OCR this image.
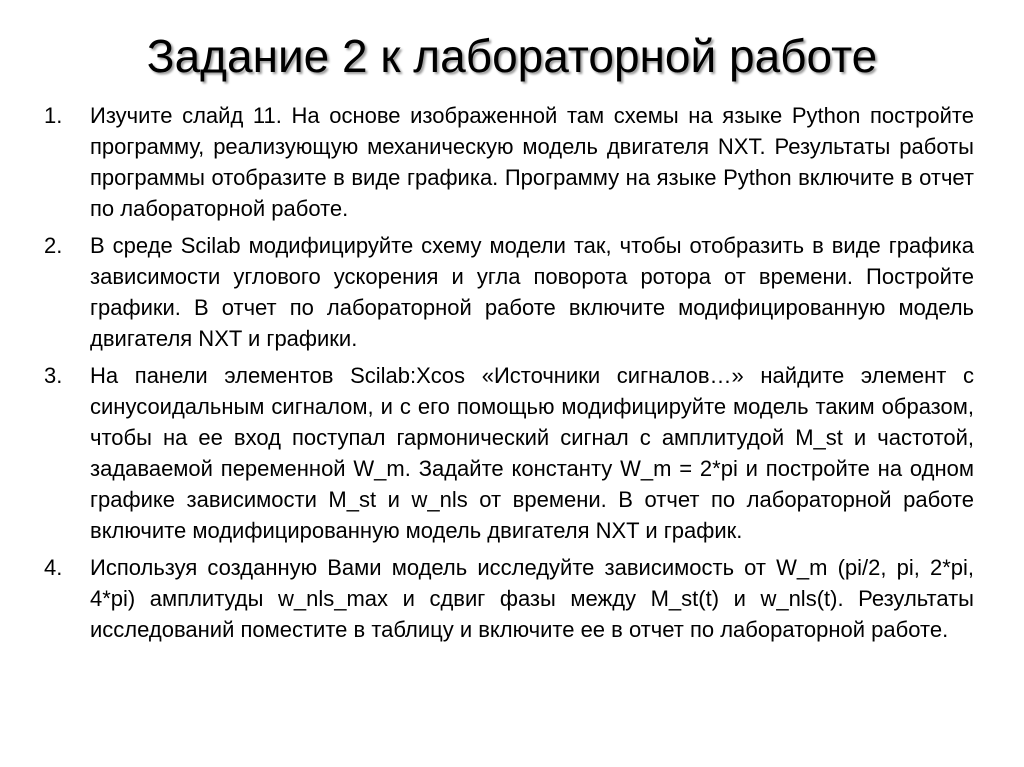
Задание 2 к лабораторной работе
1.	Изучите слайд 11. На основе изображенной там схемы на языке Python постройте программу, реализующую механическую модель двигателя NXT. Результаты работы программы отобразите в виде графика. Программу на языке Python включите в отчет по лабораторной работе.

2.	В среде Scilab модифицируйте схему модели так, чтобы отобразить в виде графика зависимости углового ускорения и угла поворота ротора от времени. Постройте графики. В отчет по лабораторной работе включите модифицированную модель двигателя NXT и графики.

3.	На панели элементов Scilab:Xcos «Источники сигналов…» найдите элемент с синусоидальным сигналом, и с его помощью модифицируйте модель таким образом, чтобы на ее вход поступал гармонический сигнал с амплитудой M_st и частотой, задаваемой переменной W_m. Задайте константу W_m = 2*pi и постройте на одном графике зависимости M_st и w_nls от времени. В отчет по лабораторной работе включите модифицированную модель двигателя NXT и график.

4.	Используя созданную Вами модель исследуйте зависимость от W_m (pi/2, pi, 2*pi, 4*pi) амплитуды w_nls_max и сдвиг фазы между M_st(t) и w_nls(t). Результаты исследований поместите в таблицу и включите ее в отчет по лабораторной работе.
